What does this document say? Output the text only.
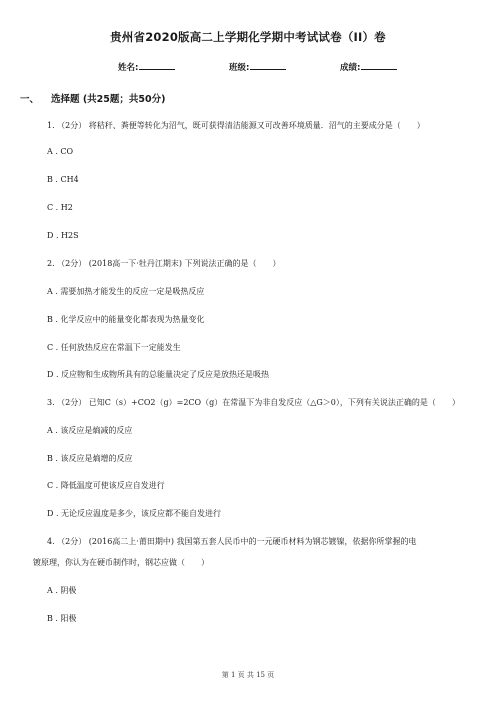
贵州省2020版高二上学期化学期中考试试卷（II）卷
姓名:	班级:	成绩:
一、 选择题 (共25题；共50分)
1. （2分） 将秸秆、粪便等转化为沼气，既可获得清洁能源又可改善环境质量．沼气的主要成分是（　　）
A . CO
B . CH4
C . H2
D . H2S
2. （2分） (2018高一下·牡丹江期末) 下列说法正确的是（　　）
A . 需要加热才能发生的反应一定是吸热反应
B . 化学反应中的能量变化都表现为热量变化
C . 任何放热反应在常温下一定能发生
D . 反应物和生成物所具有的总能量决定了反应是放热还是吸热
3. （2分） 已知C（s）+CO2（g）=2CO（g）在常温下为非自发反应（△G＞0），下列有关说法正确的是（　　）
A . 该反应是熵减的反应
B . 该反应是熵增的反应
C . 降低温度可使该反应自发进行
D . 无论反应温度是多少，该反应都不能自发进行
4. （2分） (2016高二上·莆田期中) 我国第五套人民币中的一元硬币材料为钢芯镀镍，依据你所掌握的电
镀原理，你认为在硬币制作时，钢芯应做（　　）
A . 阴极
B . 阳极
第 1 页 共 15 页
